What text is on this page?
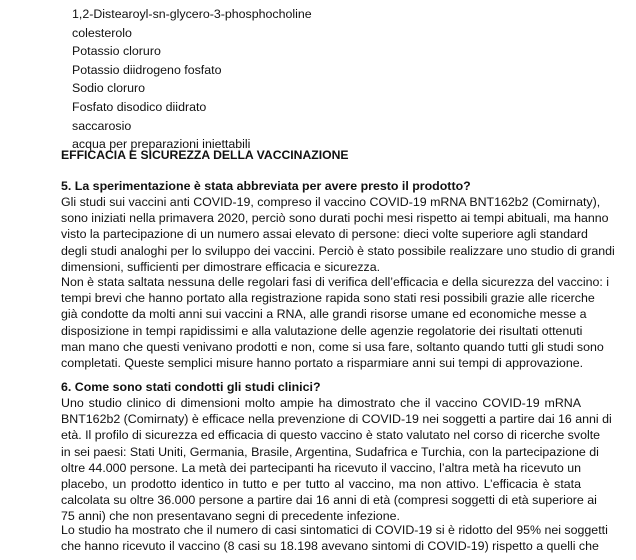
1,2-Distearoyl-sn-glycero-3-phosphocholine
colesterolo
Potassio cloruro
Potassio diidrogeno fosfato
Sodio cloruro
Fosfato disodico diidrato
saccarosio
acqua per preparazioni iniettabili
EFFICACIA E SICUREZZA DELLA VACCINAZIONE
5. La sperimentazione è stata abbreviata per avere presto il prodotto?

Gli studi sui vaccini anti COVID-19, compreso il vaccino COVID-19 mRNA BNT162b2 (Comirnaty),
sono iniziati nella primavera 2020, perciò sono durati pochi mesi rispetto ai tempi abituali, ma hanno
visto la partecipazione di un numero assai elevato di persone: dieci volte superiore agli standard
degli studi analoghi per lo sviluppo dei vaccini. Perciò è stato possibile realizzare uno studio di grandi
dimensioni, sufficienti per dimostrare efficacia e sicurezza.

Non è stata saltata nessuna delle regolari fasi di verifica dell’efficacia e della sicurezza del vaccino: i
tempi brevi che hanno portato alla registrazione rapida sono stati resi possibili grazie alle ricerche
già condotte da molti anni sui vaccini a RNA, alle grandi risorse umane ed economiche messe a
disposizione in tempi rapidissimi e alla valutazione delle agenzie regolatorie dei risultati ottenuti
man mano che questi venivano prodotti e non, come si usa fare, soltanto quando tutti gli studi sono
completati. Queste semplici misure hanno portato a risparmiare anni sui tempi di approvazione.

6. Come sono stati condotti gli studi clinici?

Uno studio clinico di dimensioni molto ampie ha dimostrato che il vaccino COVID-19 mRNA
BNT162b2 (Comirnaty) è efficace nella prevenzione di COVID-19 nei soggetti a partire dai 16 anni di
età. Il profilo di sicurezza ed efficacia di questo vaccino è stato valutato nel corso di ricerche svolte
in sei paesi: Stati Uniti, Germania, Brasile, Argentina, Sudafrica e Turchia, con la partecipazione di
oltre 44.000 persone. La metà dei partecipanti ha ricevuto il vaccino, l’altra metà ha ricevuto un
placebo, un prodotto identico in tutto e per tutto al vaccino, ma non attivo. L’efficacia è stata
calcolata su oltre 36.000 persone a partire dai 16 anni di età (compresi soggetti di età superiore ai
75 anni) che non presentavano segni di precedente infezione.

Lo studio ha mostrato che il numero di casi sintomatici di COVID-19 si è ridotto del 95% nei soggetti
che hanno ricevuto il vaccino (8 casi su 18.198 avevano sintomi di COVID-19) rispetto a quelli che
